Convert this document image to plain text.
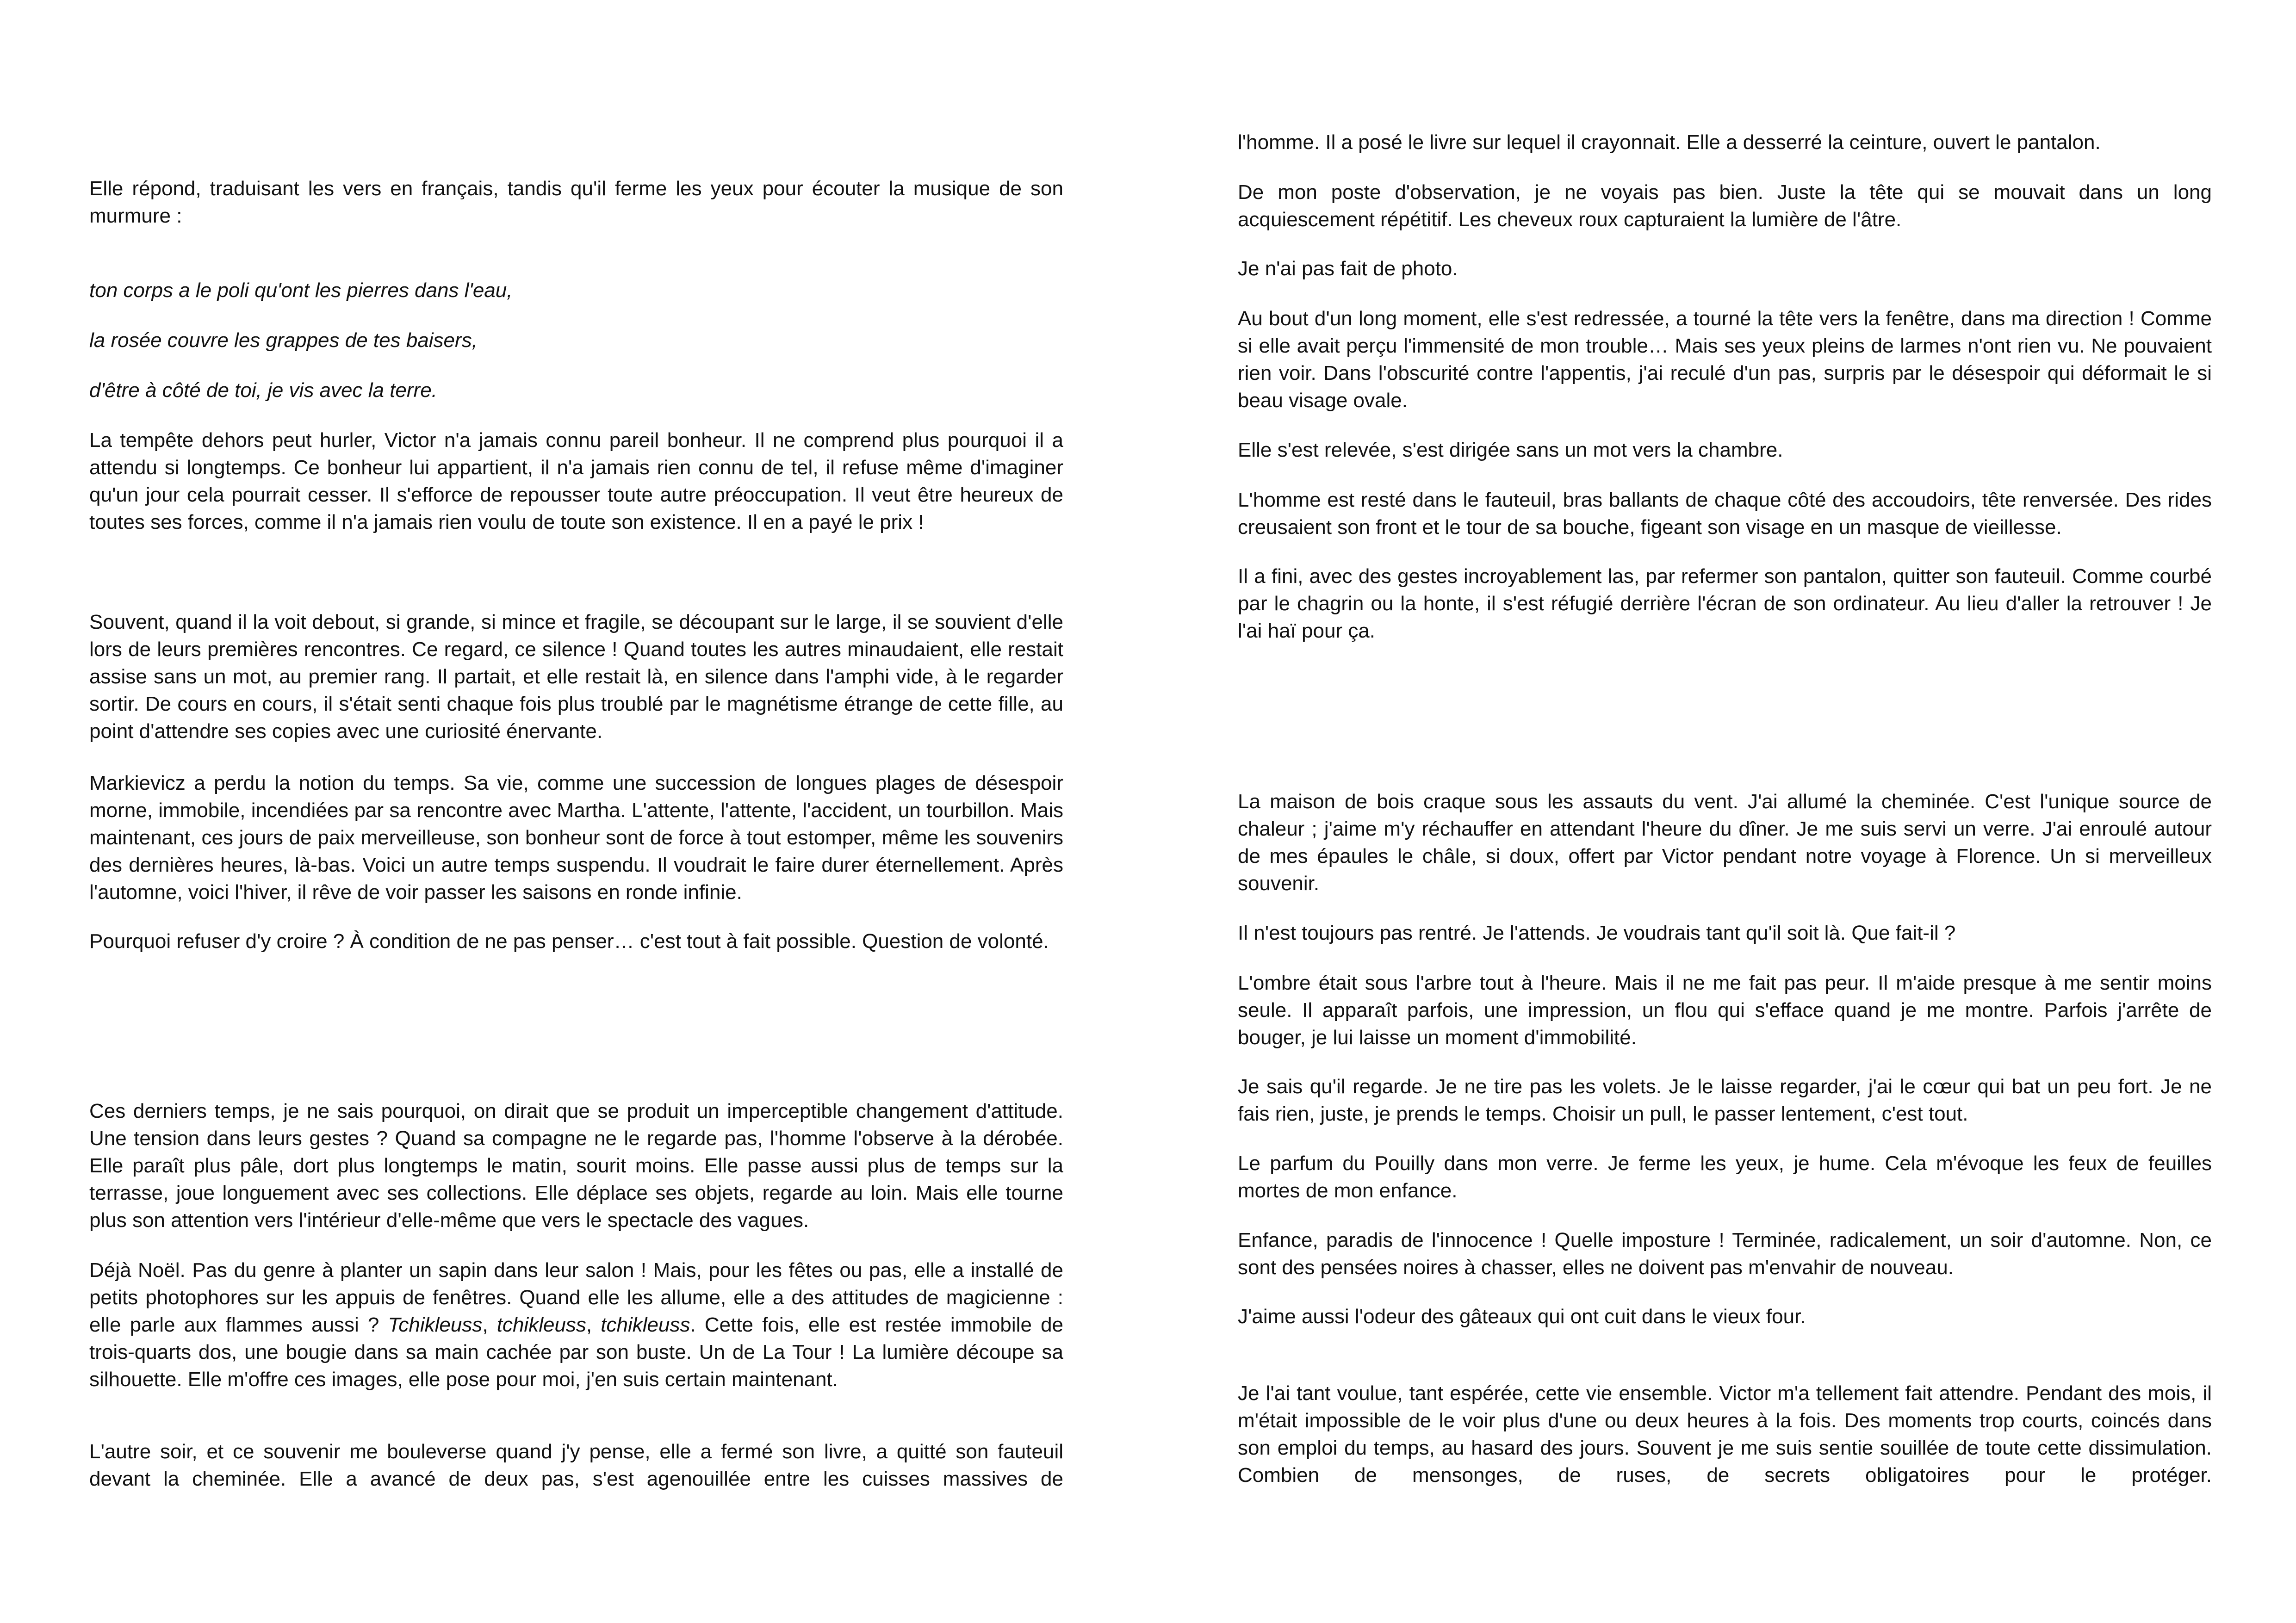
Elle répond, traduisant les vers en français, tandis qu'il ferme les yeux pour écouter la musique de son murmure :

ton corps a le poli qu'ont les pierres dans l'eau,

la rosée couvre les grappes de tes baisers,

d'être à côté de toi, je vis avec la terre.

La tempête dehors peut hurler, Victor n'a jamais connu pareil bonheur. Il ne comprend plus pourquoi il a attendu si longtemps. Ce bonheur lui appartient, il n'a jamais rien connu de tel, il refuse même d'imaginer qu'un jour cela pourrait cesser. Il s'efforce de repousser toute autre préoccupation. Il veut être heureux de toutes ses forces, comme il n'a jamais rien voulu de toute son existence. Il en a payé le prix !

Souvent, quand il la voit debout, si grande, si mince et fragile, se découpant sur le large, il se souvient d'elle lors de leurs premières rencontres. Ce regard, ce silence ! Quand toutes les autres minaudaient, elle restait assise sans un mot, au premier rang. Il partait, et elle restait là, en silence dans l'amphi vide, à le regarder sortir. De cours en cours, il s'était senti chaque fois plus troublé par le magnétisme étrange de cette fille, au point d'attendre ses copies avec une curiosité énervante.

Markievicz a perdu la notion du temps. Sa vie, comme une succession de longues plages de désespoir morne, immobile, incendiées par sa rencontre avec Martha. L'attente, l'attente, l'accident, un tourbillon. Mais maintenant, ces jours de paix merveilleuse, son bonheur sont de force à tout estomper, même les souvenirs des dernières heures, là-bas. Voici un autre temps suspendu. Il voudrait le faire durer éternellement. Après l'automne, voici l'hiver, il rêve de voir passer les saisons en ronde infinie.

Pourquoi refuser d'y croire ? À condition de ne pas penser… c'est tout à fait possible. Question de volonté.

Ces derniers temps, je ne sais pourquoi, on dirait que se produit un imperceptible changement d'attitude. Une tension dans leurs gestes ? Quand sa compagne ne le regarde pas, l'homme l'observe à la dérobée. Elle paraît plus pâle, dort plus longtemps le matin, sourit moins. Elle passe aussi plus de temps sur la terrasse, joue longuement avec ses collections. Elle déplace ses objets, regarde au loin. Mais elle tourne plus son attention vers l'intérieur d'elle-même que vers le spectacle des vagues.

Déjà Noël. Pas du genre à planter un sapin dans leur salon ! Mais, pour les fêtes ou pas, elle a installé de petits photophores sur les appuis de fenêtres. Quand elle les allume, elle a des attitudes de magicienne : elle parle aux flammes aussi ? Tchikleuss, tchikleuss, tchikleuss. Cette fois, elle est restée immobile de trois-quarts dos, une bougie dans sa main cachée par son buste. Un de La Tour ! La lumière découpe sa silhouette. Elle m'offre ces images, elle pose pour moi, j'en suis certain maintenant.

L'autre soir, et ce souvenir me bouleverse quand j'y pense, elle a fermé son livre, a quitté son fauteuil devant la cheminée. Elle a avancé de deux pas, s'est agenouillée entre les cuisses massives de

l'homme. Il a posé le livre sur lequel il crayonnait. Elle a desserré la ceinture, ouvert le pantalon.

De mon poste d'observation, je ne voyais pas bien. Juste la tête qui se mouvait dans un long acquiescement répétitif. Les cheveux roux capturaient la lumière de l'âtre.

Je n'ai pas fait de photo.

Au bout d'un long moment, elle s'est redressée, a tourné la tête vers la fenêtre, dans ma direction ! Comme si elle avait perçu l'immensité de mon trouble… Mais ses yeux pleins de larmes n'ont rien vu. Ne pouvaient rien voir. Dans l'obscurité contre l'appentis, j'ai reculé d'un pas, surpris par le désespoir qui déformait le si beau visage ovale.

Elle s'est relevée, s'est dirigée sans un mot vers la chambre.

L'homme est resté dans le fauteuil, bras ballants de chaque côté des accoudoirs, tête renversée. Des rides creusaient son front et le tour de sa bouche, figeant son visage en un masque de vieillesse.

Il a fini, avec des gestes incroyablement las, par refermer son pantalon, quitter son fauteuil. Comme courbé par le chagrin ou la honte, il s'est réfugié derrière l'écran de son ordinateur. Au lieu d'aller la retrouver ! Je l'ai haï pour ça.

La maison de bois craque sous les assauts du vent. J'ai allumé la cheminée. C'est l'unique source de chaleur ; j'aime m'y réchauffer en attendant l'heure du dîner. Je me suis servi un verre. J'ai enroulé autour de mes épaules le châle, si doux, offert par Victor pendant notre voyage à Florence. Un si merveilleux souvenir.

Il n'est toujours pas rentré. Je l'attends. Je voudrais tant qu'il soit là. Que fait-il ?

L'ombre était sous l'arbre tout à l'heure. Mais il ne me fait pas peur. Il m'aide presque à me sentir moins seule. Il apparaît parfois, une impression, un flou qui s'efface quand je me montre. Parfois j'arrête de bouger, je lui laisse un moment d'immobilité.

Je sais qu'il regarde. Je ne tire pas les volets. Je le laisse regarder, j'ai le cœur qui bat un peu fort. Je ne fais rien, juste, je prends le temps. Choisir un pull, le passer lentement, c'est tout.

Le parfum du Pouilly dans mon verre. Je ferme les yeux, je hume. Cela m'évoque les feux de feuilles mortes de mon enfance.

Enfance, paradis de l'innocence ! Quelle imposture ! Terminée, radicalement, un soir d'automne. Non, ce sont des pensées noires à chasser, elles ne doivent pas m'envahir de nouveau.

J'aime aussi l'odeur des gâteaux qui ont cuit dans le vieux four.

Je l'ai tant voulue, tant espérée, cette vie ensemble. Victor m'a tellement fait attendre. Pendant des mois, il m'était impossible de le voir plus d'une ou deux heures à la fois. Des moments trop courts, coincés dans son emploi du temps, au hasard des jours. Souvent je me suis sentie souillée de toute cette dissimulation. Combien de mensonges, de ruses, de secrets obligatoires pour le protéger.
